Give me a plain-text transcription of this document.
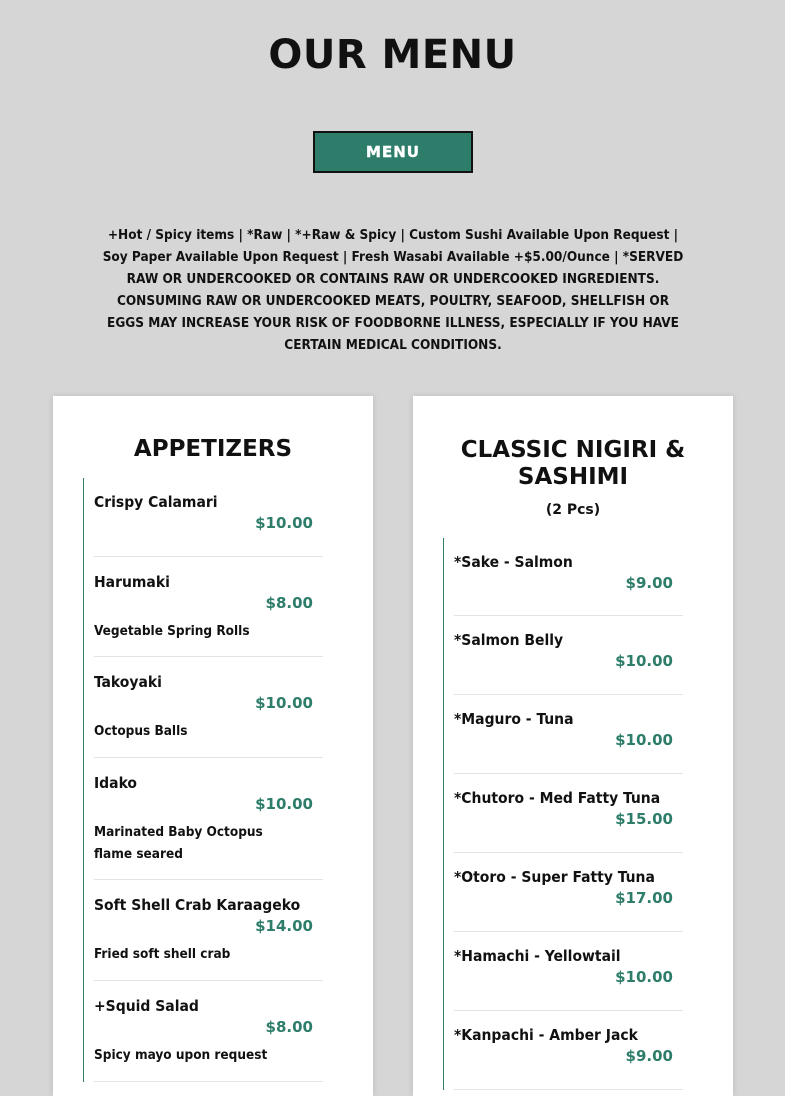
OUR MENU
MENU

+Hot / Spicy items | *Raw | *+Raw & Spicy | Custom Sushi Available Upon Request | Soy Paper Available Upon Request | Fresh Wasabi Available +$5.00/Ounce | *SERVED RAW OR UNDERCOOKED OR CONTAINS RAW OR UNDERCOOKED INGREDIENTS. CONSUMING RAW OR UNDERCOOKED MEATS, POULTRY, SEAFOOD, SHELLFISH OR EGGS MAY INCREASE YOUR RISK OF FOODBORNE ILLNESS, ESPECIALLY IF YOU HAVE CERTAIN MEDICAL CONDITIONS.

APPETIZERS
Crispy Calamari
$10.00
Harumaki
$8.00
Vegetable Spring Rolls
Takoyaki
$10.00
Octopus Balls
Idako
$10.00
Marinated Baby Octopus flame seared
Soft Shell Crab Karaageko
$14.00
Fried soft shell crab
+Squid Salad
$8.00
Spicy mayo upon request
CLASSIC NIGIRI & SASHIMI
(2 Pcs)
*Sake - Salmon
$9.00
*Salmon Belly
$10.00
*Maguro - Tuna
$10.00
*Chutoro - Med Fatty Tuna
$15.00
*Otoro - Super Fatty Tuna
$17.00
*Hamachi - Yellowtail
$10.00
*Kanpachi - Amber Jack
$9.00
